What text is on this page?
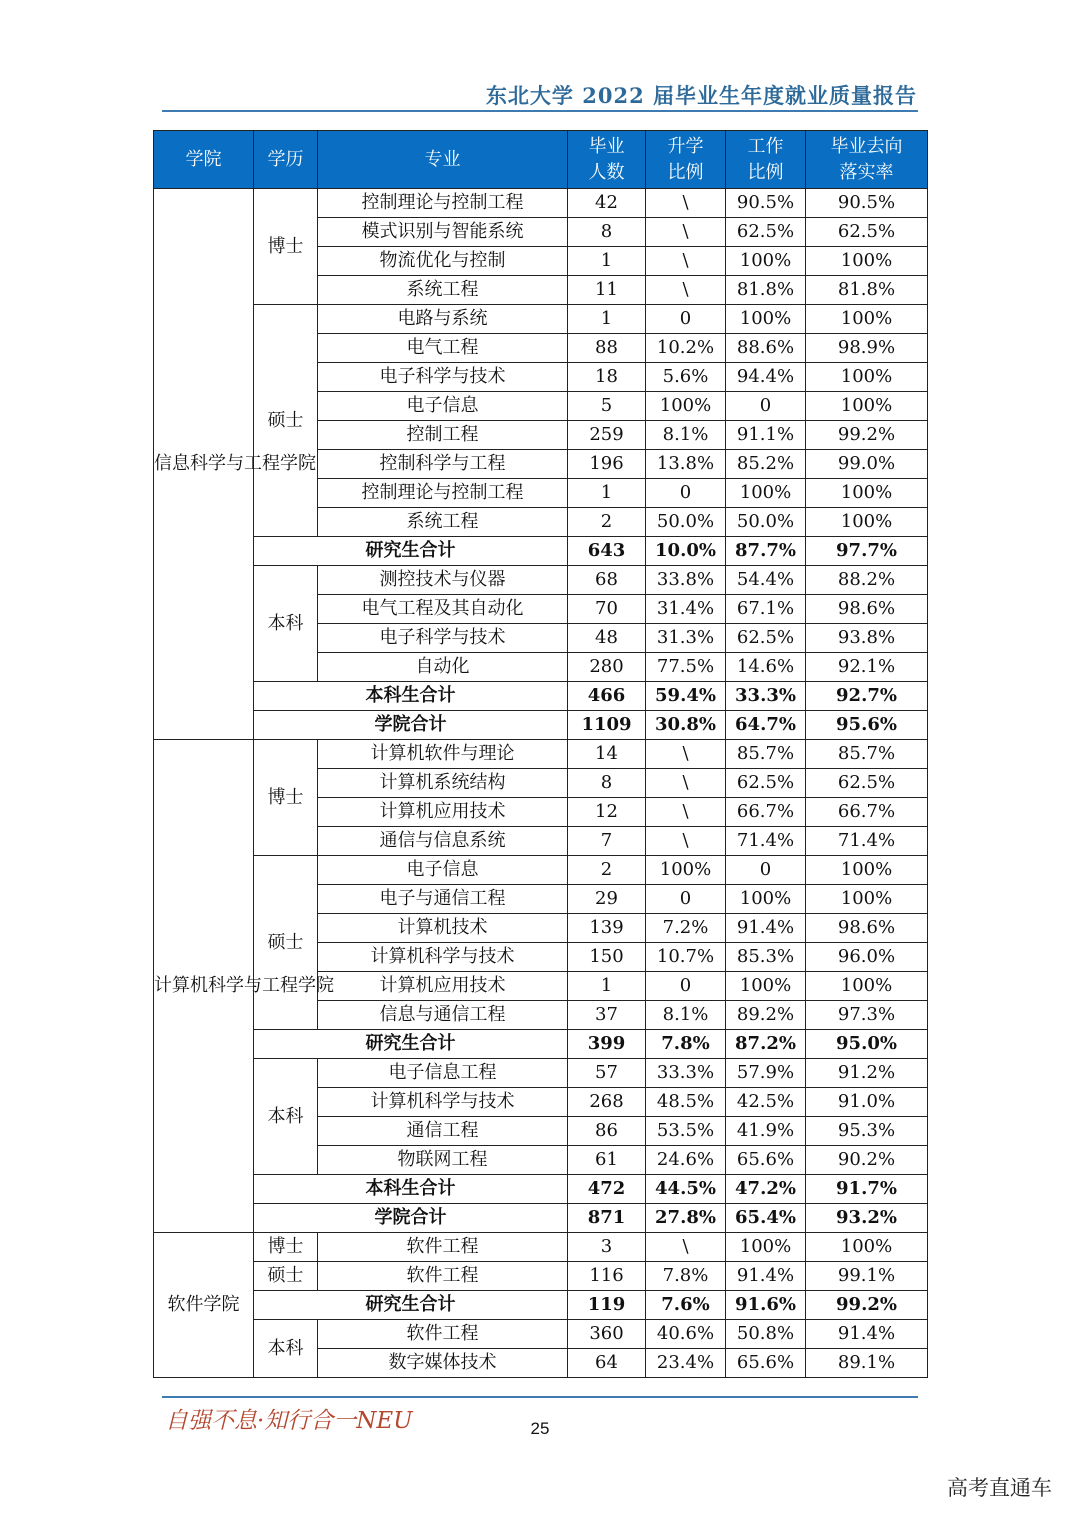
东北大学 2022 届毕业生年度就业质量报告
学院	学历	专业	毕业人数	升学比例	工作比例	毕业去向落实率
信息科学与工程学院	博士	控制理论与控制工程	42	\	90.5%	90.5%
		模式识别与智能系统	8	\	62.5%	62.5%
		物流优化与控制	1	\	100%	100%
		系统工程	11	\	81.8%	81.8%
	硕士	电路与系统	1	0	100%	100%
		电气工程	88	10.2%	88.6%	98.9%
		电子科学与技术	18	5.6%	94.4%	100%
		电子信息	5	100%	0	100%
		控制工程	259	8.1%	91.1%	99.2%
		控制科学与工程	196	13.8%	85.2%	99.0%
		控制理论与控制工程	1	0	100%	100%
		系统工程	2	50.0%	50.0%	100%
	研究生合计		643	10.0%	87.7%	97.7%
	本科	测控技术与仪器	68	33.8%	54.4%	88.2%
		电气工程及其自动化	70	31.4%	67.1%	98.6%
		电子科学与技术	48	31.3%	62.5%	93.8%
		自动化	280	77.5%	14.6%	92.1%
	本科生合计		466	59.4%	33.3%	92.7%
	学院合计		1109	30.8%	64.7%	95.6%
计算机科学与工程学院	博士	计算机软件与理论	14	\	85.7%	85.7%
		计算机系统结构	8	\	62.5%	62.5%
		计算机应用技术	12	\	66.7%	66.7%
		通信与信息系统	7	\	71.4%	71.4%
	硕士	电子信息	2	100%	0	100%
		电子与通信工程	29	0	100%	100%
		计算机技术	139	7.2%	91.4%	98.6%
		计算机科学与技术	150	10.7%	85.3%	96.0%
		计算机应用技术	1	0	100%	100%
		信息与通信工程	37	8.1%	89.2%	97.3%
	研究生合计		399	7.8%	87.2%	95.0%
	本科	电子信息工程	57	33.3%	57.9%	91.2%
		计算机科学与技术	268	48.5%	42.5%	91.0%
		通信工程	86	53.5%	41.9%	95.3%
		物联网工程	61	24.6%	65.6%	90.2%
	本科生合计		472	44.5%	47.2%	91.7%
	学院合计		871	27.8%	65.4%	93.2%
软件学院	博士	软件工程	3	\	100%	100%
	硕士	软件工程	116	7.8%	91.4%	99.1%
	研究生合计		119	7.6%	91.6%	99.2%
	本科	软件工程	360	40.6%	50.8%	91.4%
		数字媒体技术	64	23.4%	65.6%	89.1%
自强不息·知行合一NEU	25
高考直通车
